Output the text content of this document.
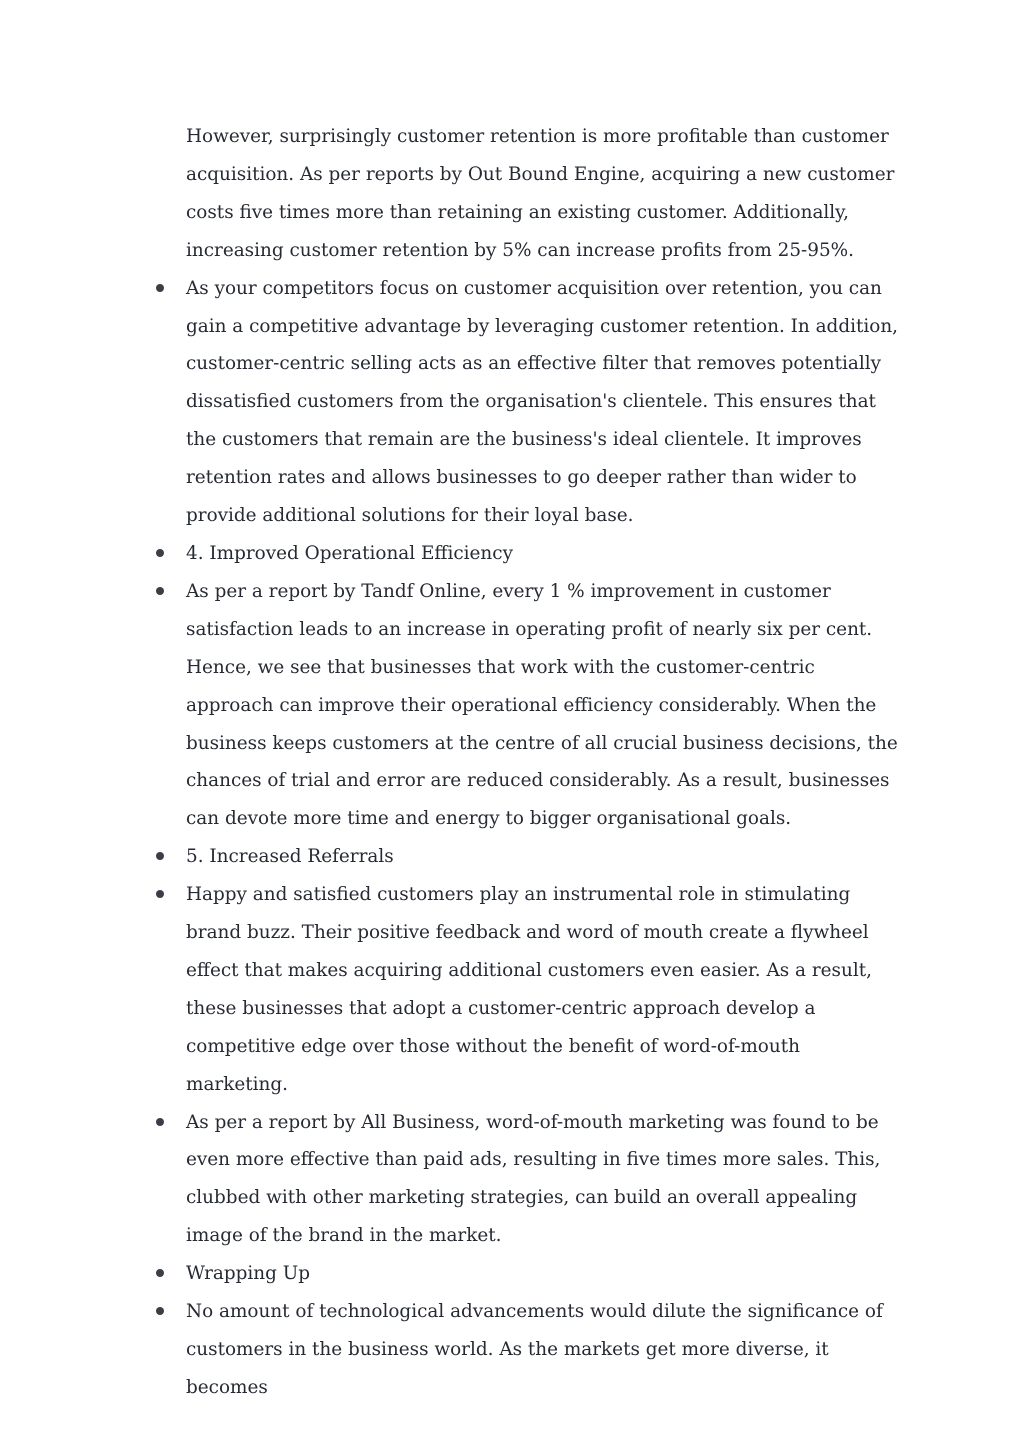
However, surprisingly customer retention is more profitable than customer acquisition. As per reports by Out Bound Engine, acquiring a new customer costs five times more than retaining an existing customer. Additionally, increasing customer retention by 5% can increase profits from 25-95%.

As your competitors focus on customer acquisition over retention, you can gain a competitive advantage by leveraging customer retention. In addition, customer-centric selling acts as an effective filter that removes potentially dissatisfied customers from the organisation's clientele. This ensures that the customers that remain are the business's ideal clientele. It improves retention rates and allows businesses to go deeper rather than wider to provide additional solutions for their loyal base.

4. Improved Operational Efficiency

As per a report by Tandf Online, every 1 % improvement in customer satisfaction leads to an increase in operating profit of nearly six per cent. Hence, we see that businesses that work with the customer-centric approach can improve their operational efficiency considerably. When the business keeps customers at the centre of all crucial business decisions, the chances of trial and error are reduced considerably. As a result, businesses can devote more time and energy to bigger organisational goals.

5. Increased Referrals

Happy and satisfied customers play an instrumental role in stimulating brand buzz. Their positive feedback and word of mouth create a flywheel effect that makes acquiring additional customers even easier. As a result, these businesses that adopt a customer-centric approach develop a competitive edge over those without the benefit of word-of-mouth marketing.

As per a report by All Business, word-of-mouth marketing was found to be even more effective than paid ads, resulting in five times more sales. This, clubbed with other marketing strategies, can build an overall appealing image of the brand in the market.

Wrapping Up

No amount of technological advancements would dilute the significance of customers in the business world. As the markets get more diverse, it becomes
